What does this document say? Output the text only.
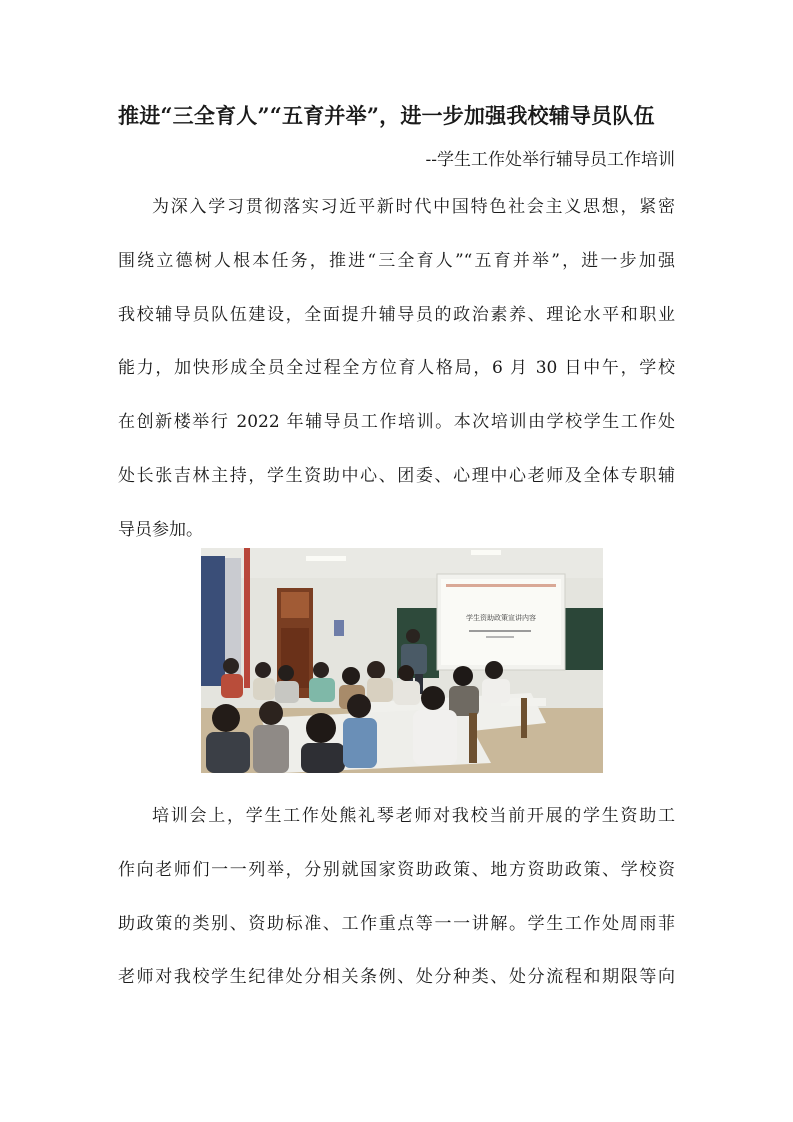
推进“三全育人”“五育并举”，进一步加强我校辅导员队伍
--学生工作处举行辅导员工作培训
为深入学习贯彻落实习近平新时代中国特色社会主义思想，紧密
围绕立德树人根本任务，推进“三全育人”“五育并举”，进一步加强
我校辅导员队伍建设，全面提升辅导员的政治素养、理论水平和职业
能力，加快形成全员全过程全方位育人格局，6 月 30 日中午，学校
在创新楼举行 2022 年辅导员工作培训。本次培训由学校学生工作处
处长张吉林主持，学生资助中心、团委、心理中心老师及全体专职辅
导员参加。
学生资助政策宣讲内容
培训会上，学生工作处熊礼琴老师对我校当前开展的学生资助工
作向老师们一一列举，分别就国家资助政策、地方资助政策、学校资
助政策的类别、资助标准、工作重点等一一讲解。学生工作处周雨菲
老师对我校学生纪律处分相关条例、处分种类、处分流程和期限等向
